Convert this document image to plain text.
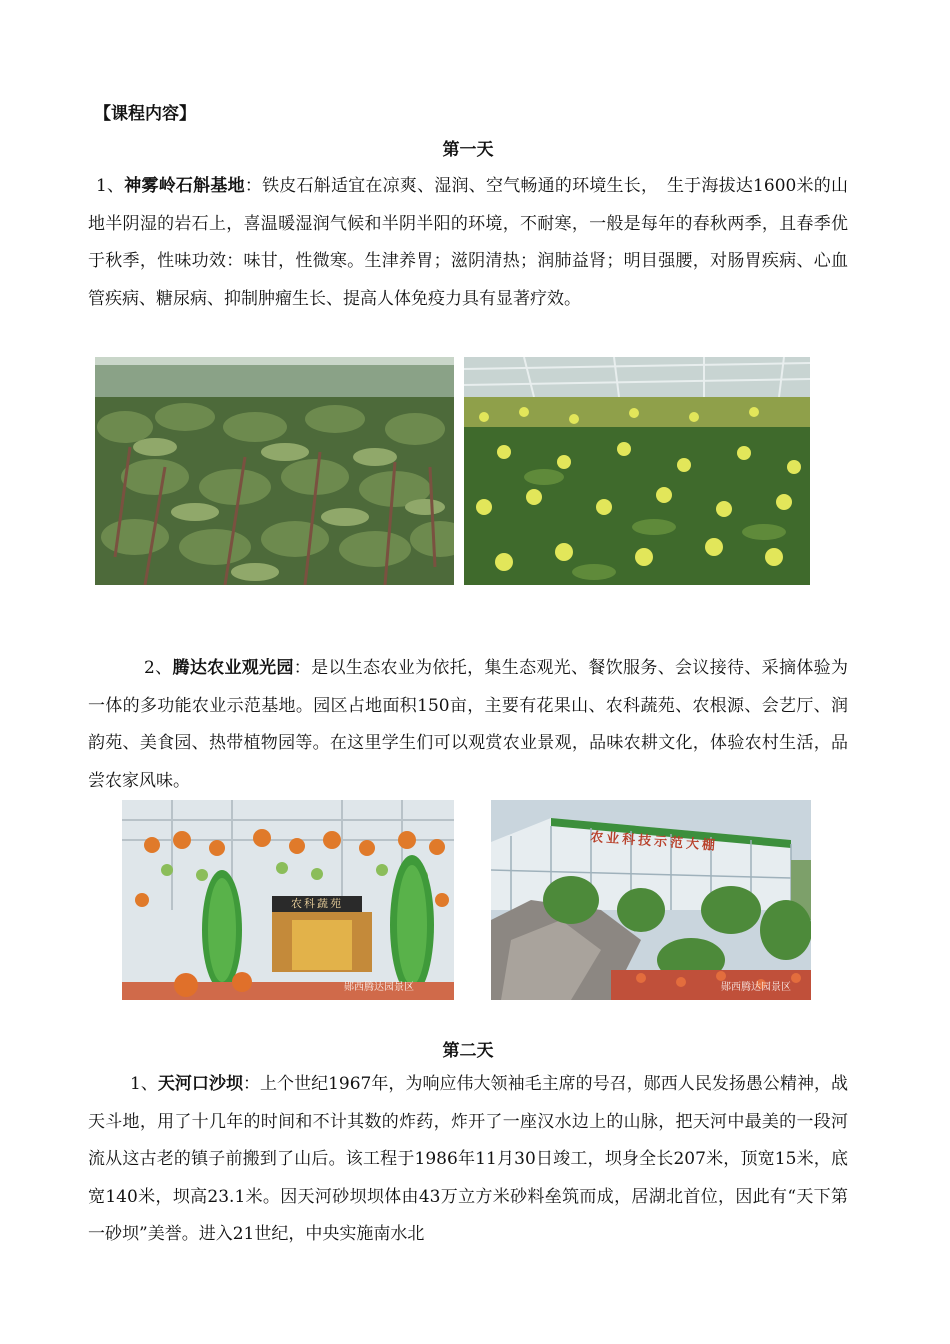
【课程内容】
第一天
1、神雾岭石斛基地：铁皮石斛适宜在凉爽、湿润、空气畅通的环境生长，　生于海拔达1600米的山地半阴湿的岩石上，喜温暖湿润气候和半阴半阳的环境，不耐寒，一般是每年的春秋两季，且春季优于秋季，性味功效：味甘，性微寒。生津养胃；滋阴清热；润肺益肾；明目强腰，对肠胃疾病、心血管疾病、糖尿病、抑制肿瘤生长、提高人体免疫力具有显著疗效。
2、腾达农业观光园：是以生态农业为依托，集生态观光、餐饮服务、会议接待、采摘体验为一体的多功能农业示范基地。园区占地面积150亩，主要有花果山、农科蔬苑、农根源、会艺厅、润韵苑、美食园、热带植物园等。在这里学生们可以观赏农业景观，品味农耕文化，体验农村生活，品尝农家风味。
农科蔬苑
郧西腾达园景区
农业科技示范大棚
郧西腾达园景区
第二天
1、天河口沙坝：上个世纪1967年，为响应伟大领袖毛主席的号召，郧西人民发扬愚公精神，战天斗地，用了十几年的时间和不计其数的炸药，炸开了一座汉水边上的山脉，把天河中最美的一段河流从这古老的镇子前搬到了山后。该工程于1986年11月30日竣工，坝身全长207米，顶宽15米，底宽140米，坝高23.1米。因天河砂坝坝体由43万立方米砂料垒筑而成，居湖北首位，因此有“天下第一砂坝”美誉。进入21世纪，中央实施南水北
